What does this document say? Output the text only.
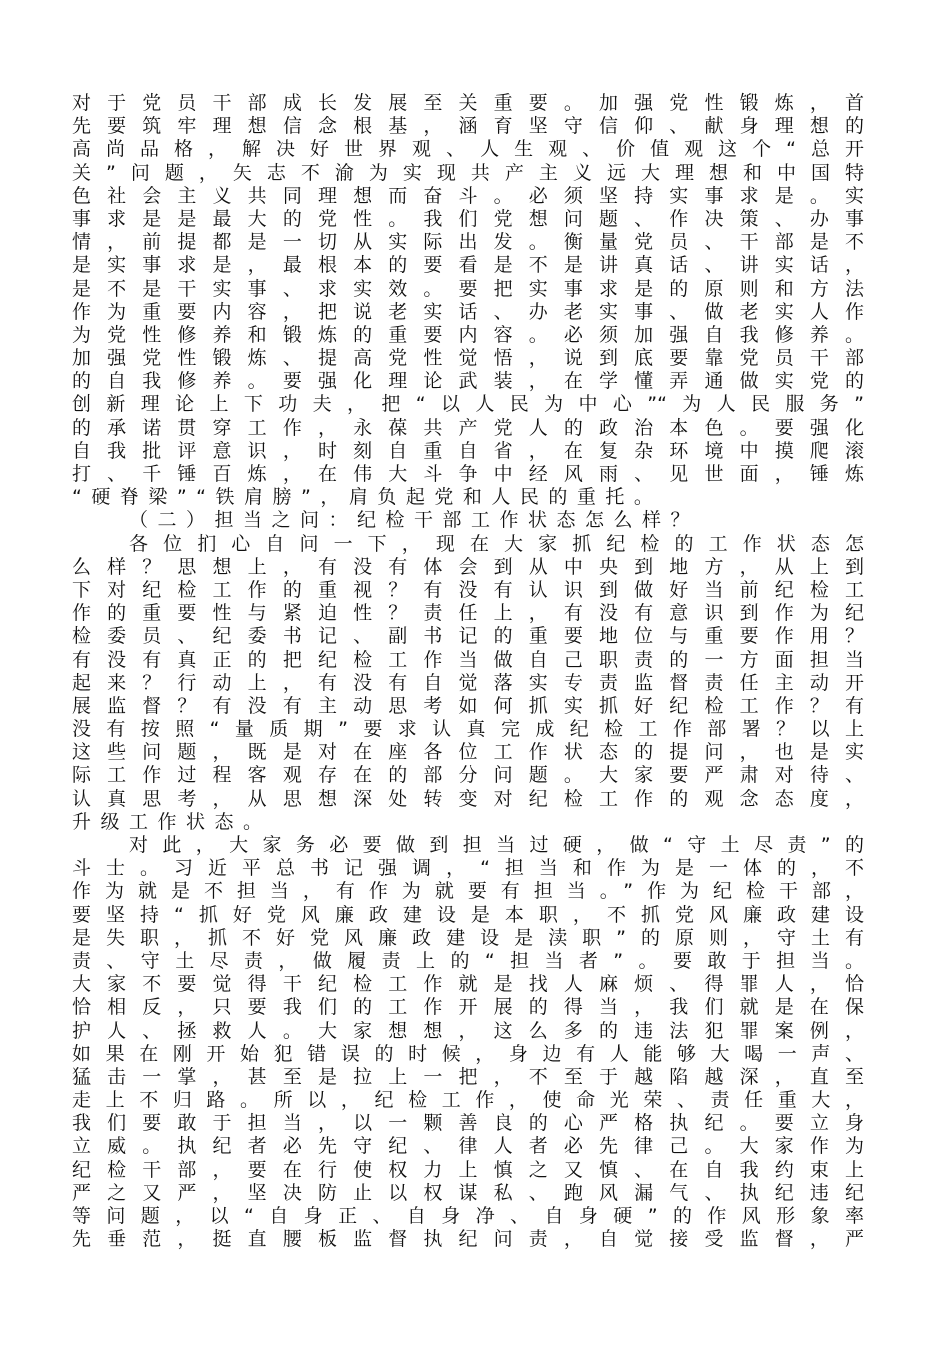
对于党员干部成长发展至关重要。加强党性锻炼，首
先要筑牢理想信念根基，涵育坚守信仰、献身理想的
高尚品格，解决好世界观、人生观、价值观这个“总开
关”问题，矢志不渝为实现共产主义远大理想和中国特
色社会主义共同理想而奋斗。必须坚持实事求是。实
事求是是最大的党性。我们党想问题、作决策、办事
情，前提都是一切从实际出发。衡量党员、干部是不
是实事求是，最根本的要看是不是讲真话、讲实话，
是不是干实事、求实效。要把实事求是的原则和方法
作为重要内容，把说老实话、办老实事、做老实人作
为党性修养和锻炼的重要内容。必须加强自我修养。
加强党性锻炼、提高党性觉悟，说到底要靠党员干部
的自我修养。要强化理论武装，在学懂弄通做实党的
创新理论上下功夫，把“以人民为中心”“为人民服务”
的承诺贯穿工作，永葆共产党人的政治本色。要强化
自我批评意识，时刻自重自省，在复杂环境中摸爬滚
打、千锤百炼，在伟大斗争中经风雨、见世面，锤炼
“硬脊梁”“铁肩膀”，肩负起党和人民的重托。
（二）担当之问：纪检干部工作状态怎么样？
各位扪心自问一下，现在大家抓纪检的工作状态怎
么样？思想上，有没有体会到从中央到地方，从上到
下对纪检工作的重视？有没有认识到做好当前纪检工
作的重要性与紧迫性？责任上，有没有意识到作为纪
检委员、纪委书记、副书记的重要地位与重要作用？
有没有真正的把纪检工作当做自己职责的一方面担当
起来？行动上，有没有自觉落实专责监督责任主动开
展监督？有没有主动思考如何抓实抓好纪检工作？有
没有按照“量质期”要求认真完成纪检工作部署？以上
这些问题，既是对在座各位工作状态的提问，也是实
际工作过程客观存在的部分问题。大家要严肃对待、
认真思考，从思想深处转变对纪检工作的观念态度，
升级工作状态。
对此，大家务必要做到担当过硬，做“守土尽责”的
斗士。习近平总书记强调，“担当和作为是一体的，不
作为就是不担当，有作为就要有担当。”作为纪检干部，
要坚持“抓好党风廉政建设是本职，不抓党风廉政建设
是失职，抓不好党风廉政建设是渎职”的原则，守土有
责、守土尽责，做履责上的“担当者”。要敢于担当。
大家不要觉得干纪检工作就是找人麻烦、得罪人，恰
恰相反，只要我们的工作开展的得当，我们就是在保
护人、拯救人。大家想想，这么多的违法犯罪案例，
如果在刚开始犯错误的时候，身边有人能够大喝一声、
猛击一掌，甚至是拉上一把，不至于越陷越深，直至
走上不归路。所以，纪检工作，使命光荣、责任重大，
我们要敢于担当，以一颗善良的心严格执纪。要立身
立威。执纪者必先守纪、律人者必先律己。大家作为
纪检干部，要在行使权力上慎之又慎、在自我约束上
严之又严，坚决防止以权谋私、跑风漏气、执纪违纪
等问题，以“自身正、自身净、自身硬”的作风形象率
先垂范，挺直腰板监督执纪问责，自觉接受监督，严
